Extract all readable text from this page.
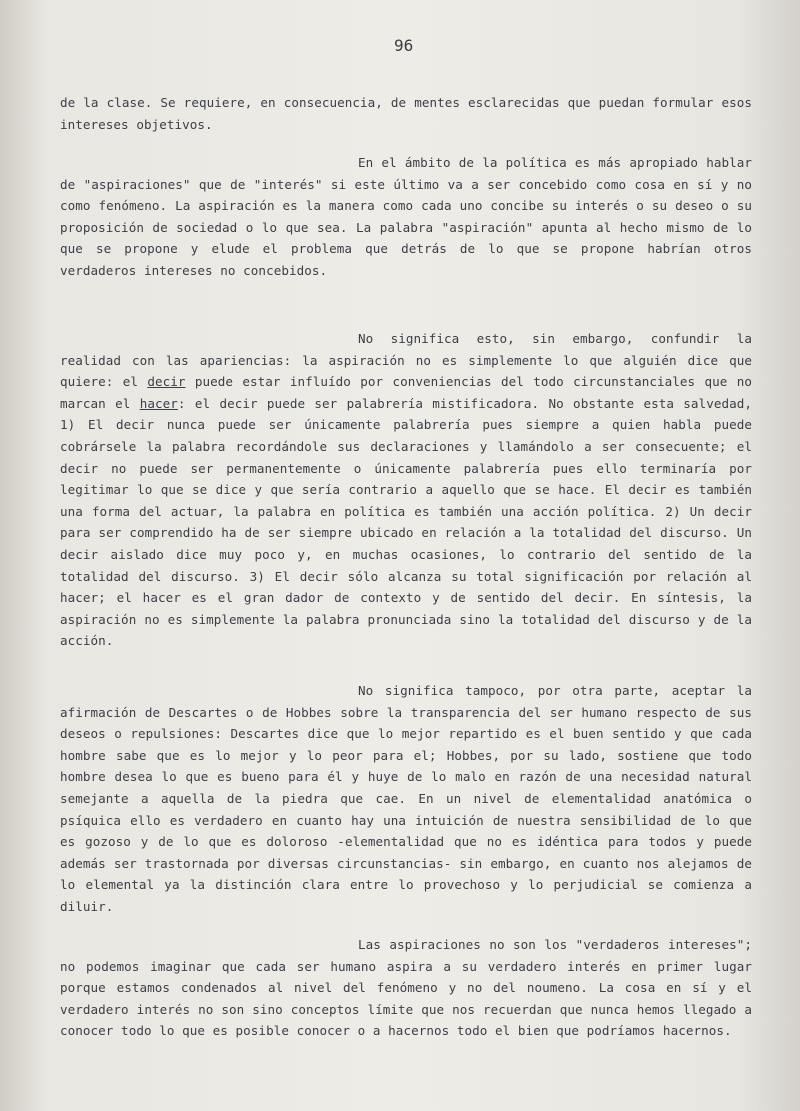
96

de la clase. Se requiere, en consecuencia, de mentes esclarecidas que puedan formular esos intereses objetivos.

En el ámbito de la política es más apropiado hablar de "aspiraciones" que de "interés" si este último va a ser concebido como cosa en sí y no como fenómeno. La aspiración es la manera como cada uno concibe su interés o su deseo o su proposición de sociedad o lo que sea. La palabra "aspiración" apunta al hecho mismo de lo que se propone y elude el problema que detrás de lo que se propone habrían otros verdaderos intereses no concebidos.

No significa esto, sin embargo, confundir la realidad con las apariencias: la aspiración no es simplemente lo que alguién dice que quiere: el decir puede estar influído por conveniencias del todo circunstanciales que no marcan el hacer: el decir puede ser palabrería mistificadora. No obstante esta salvedad, 1) El decir nunca puede ser únicamente palabrería pues siempre a quien habla puede cobrársele la palabra recordándole sus declaraciones y llamándolo a ser consecuente; el decir no puede ser permanentemente o únicamente palabrería pues ello terminaría por legitimar lo que se dice y que sería contrario a aquello que se hace. El decir es también una forma del actuar, la palabra en política es también una acción política. 2) Un decir para ser comprendido ha de ser siempre ubicado en relación a la totalidad del discurso. Un decir aislado dice muy poco y, en muchas ocasiones, lo contrario del sentido de la totalidad del discurso. 3) El decir sólo alcanza su total significación por relación al hacer; el hacer es el gran dador de contexto y de sentido del decir. En síntesis, la aspiración no es simplemente la palabra pronunciada sino la totalidad del discurso y de la acción.

No significa tampoco, por otra parte, aceptar la afirmación de Descartes o de Hobbes sobre la transparencia del ser humano respecto de sus deseos o repulsiones: Descartes dice que lo mejor repartido es el buen sentido y que cada hombre sabe que es lo mejor y lo peor para el; Hobbes, por su lado, sostiene que todo hombre desea lo que es bueno para él y huye de lo malo en razón de una necesidad natural semejante a aquella de la piedra que cae. En un nivel de elementalidad anatómica o psíquica ello es verdadero en cuanto hay una intuición de nuestra sensibilidad de lo que es gozoso y de lo que es doloroso -elementalidad que no es idéntica para todos y puede además ser trastornada por diversas circunstancias- sin embargo, en cuanto nos alejamos de lo elemental ya la distinción clara entre lo provechoso y lo perjudicial se comienza a diluir.

Las aspiraciones no son los "verdaderos intereses"; no podemos imaginar que cada ser humano aspira a su verdadero interés en primer lugar porque estamos condenados al nivel del fenómeno y no del noumeno. La cosa en sí y el verdadero interés no son sino conceptos límite que nos recuerdan que nunca hemos llegado a conocer todo lo que es posible conocer o a hacernos todo el bien que podríamos hacernos.
